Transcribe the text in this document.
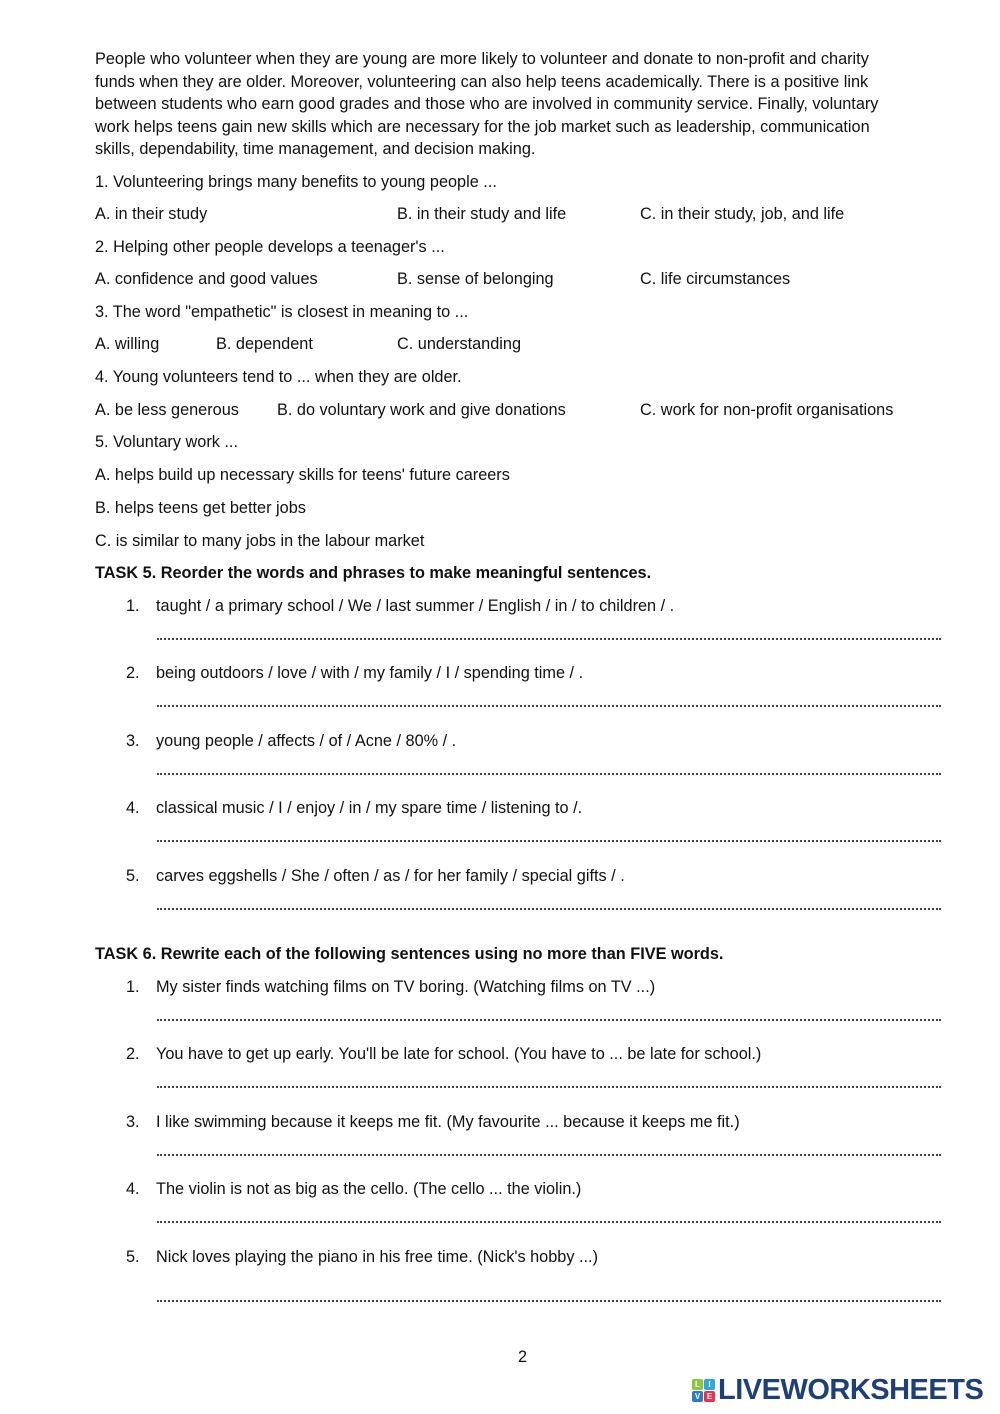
People who volunteer when they are young are more likely to volunteer and donate to non-profit and charity
funds when they are older. Moreover, volunteering can also help teens academically. There is a positive link
between students who earn good grades and those who are involved in community service. Finally, voluntary
work helps teens gain new skills which are necessary for the job market such as leadership, communication
skills, dependability, time management, and decision making.
1. Volunteering brings many benefits to young people ...
A. in their study	B. in their study and life	C. in their study, job, and life
2. Helping other people develops a teenager's ...
A. confidence and good values	B. sense of belonging	C. life circumstances
3. The word "empathetic" is closest in meaning to ...
A. willing	B. dependent	C. understanding
4. Young volunteers tend to ... when they are older.
A. be less generous B. do voluntary work and give donations	C. work for non-profit organisations
5. Voluntary work ...
A. helps build up necessary skills for teens' future careers
B. helps teens get better jobs
C. is similar to many jobs in the labour market
TASK 5. Reorder the words and phrases to make meaningful sentences.
1. taught / a primary school / We / last summer / English / in / to children / .
2. being outdoors / love / with / my family / I / spending time / .
3. young people / affects / of / Acne / 80% / .
4. classical music / I / enjoy / in / my spare time / listening to /.
5. carves eggshells / She / often / as / for her family / special gifts / .
TASK 6. Rewrite each of the following sentences using no more than FIVE words.
1. My sister finds watching films on TV boring. (Watching films on TV ...)
2. You have to get up early. You'll be late for school. (You have to ... be late for school.)
3. I like swimming because it keeps me fit. (My favourite ... because it keeps me fit.)
4. The violin is not as big as the cello. (The cello ... the violin.)
5. Nick loves playing the piano in his free time. (Nick's hobby ...)
2
L	I
V E LIVEWORKSHEETS
